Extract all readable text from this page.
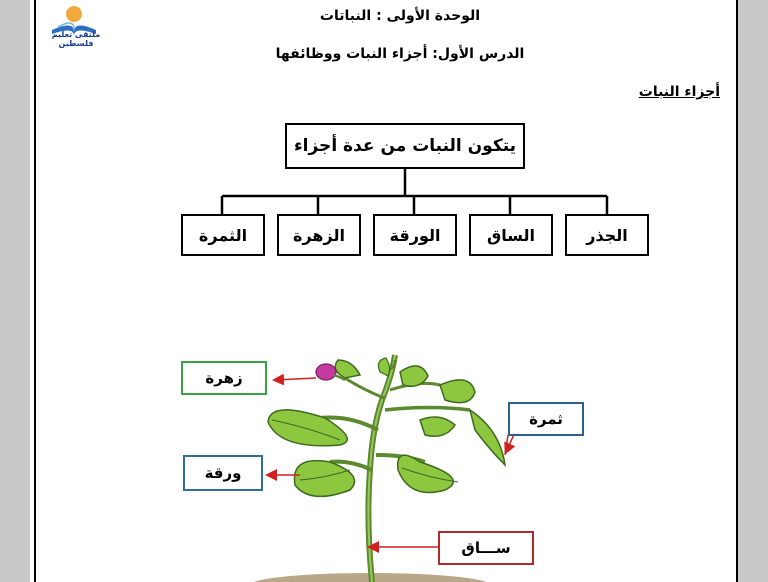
ملتقى تعليم فلسطين
الوحدة الأولى : النباتات
الدرس الأول: أجزاء النبات ووظائفها
أجزاء النبات
يتكون النبات من عدة أجزاء
الجذر
الساق
الورقة
الزهرة
الثمرة
زهرة
ورقة
ثمرة
ســـاق
